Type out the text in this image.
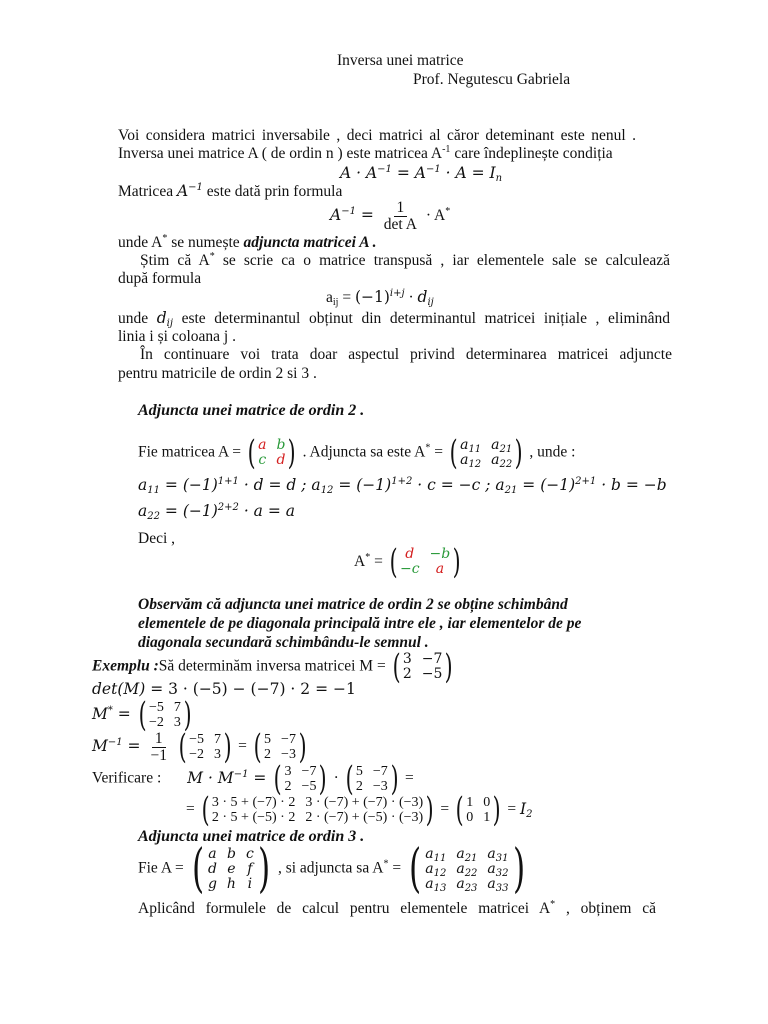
Inversa unei matrice
Prof. Negutescu Gabriela
Voi considera matrici inversabile , deci matrici al căror deteminant este nenul .
Inversa unei matrice A ( de ordin n ) este matricea $A^{-1}$ care îndeplinește condiția
$A \cdot A^{-1} = A^{-1} \cdot A = I_n$
Matricea $A^{-1}$ este dată prin formula
$A^{-1} = \frac{1}{\text{det A}} \cdot A^*$
unde A* se numește adjuncta matricei A .
Știm că A* se scrie ca o matrice transpusă , iar elementele sale se calculează
după formula
$a_{ij} = (-1)^{i+j} \cdot d_{ij}$
unde $d_{ij}$ este determinantul obținut din determinantul matricei inițiale , eliminând
linia i și coloana j .
În continuare voi trata doar aspectul privind determinarea matricei adjuncte
pentru matricile de ordin 2 si 3 .
Adjuncta unei matrice de ordin 2 .
Fie matricea A = ( a b
c d ) . Adjuncta sa este A* = ( $a_{11}$ $a_{21}$
$a_{12}$ $a_{22}$ ) , unde :
$a_{11} = (-1)^{1+1} \cdot d = d$ ; $a_{12} = (-1)^{1+2} \cdot c = -c$ ; $a_{21} = (-1)^{2+1} \cdot b = -b$
$a_{22} = (-1)^{2+2} \cdot a = a$
Deci ,
A* = ( d	−b
−c	a )
Observăm că adjuncta unei matrice de ordin 2 se obține schimbând
elementele de pe diagonala principală intre ele , iar elementelor de pe
diagonala secundară schimbându-le semnul .
Exemplu :Să determinăm inversa matricei M = ( 3 −7
2 −5 )
det(M) = 3 · (−5) − (−7) · 2 = −1
M* = ( −5 7
−2 3 )
$M^{-1} = \frac{1}{-1}$
( −5 7
−2 3 ) = ( 5 −7
2 −3 )
Verificare : $M \cdot M^{-1}$ = ( 3 −7
2 −5 ) · ( 5 −7
2 −3 ) =
= ( 3 · 5 + (−7) · 2 3 · (−7) + (−7) · (−3)
2 · 5 + (−5) · 2 2 · (−7) + (−5) · (−3) ) = ( 1 0
0 1 ) = $I_2$
Adjuncta unei matrice de ordin 3 .
Fie A = ( a b c
d e f
g h i ) , si adjuncta sa A* = ( $a_{11}$ $a_{21}$ $a_{31}$
$a_{12}$ $a_{22}$ $a_{32}$
$a_{13}$ $a_{23}$ $a_{33}$ )
Aplicând formulele de calcul pentru elementele matricei A* , obținem că
